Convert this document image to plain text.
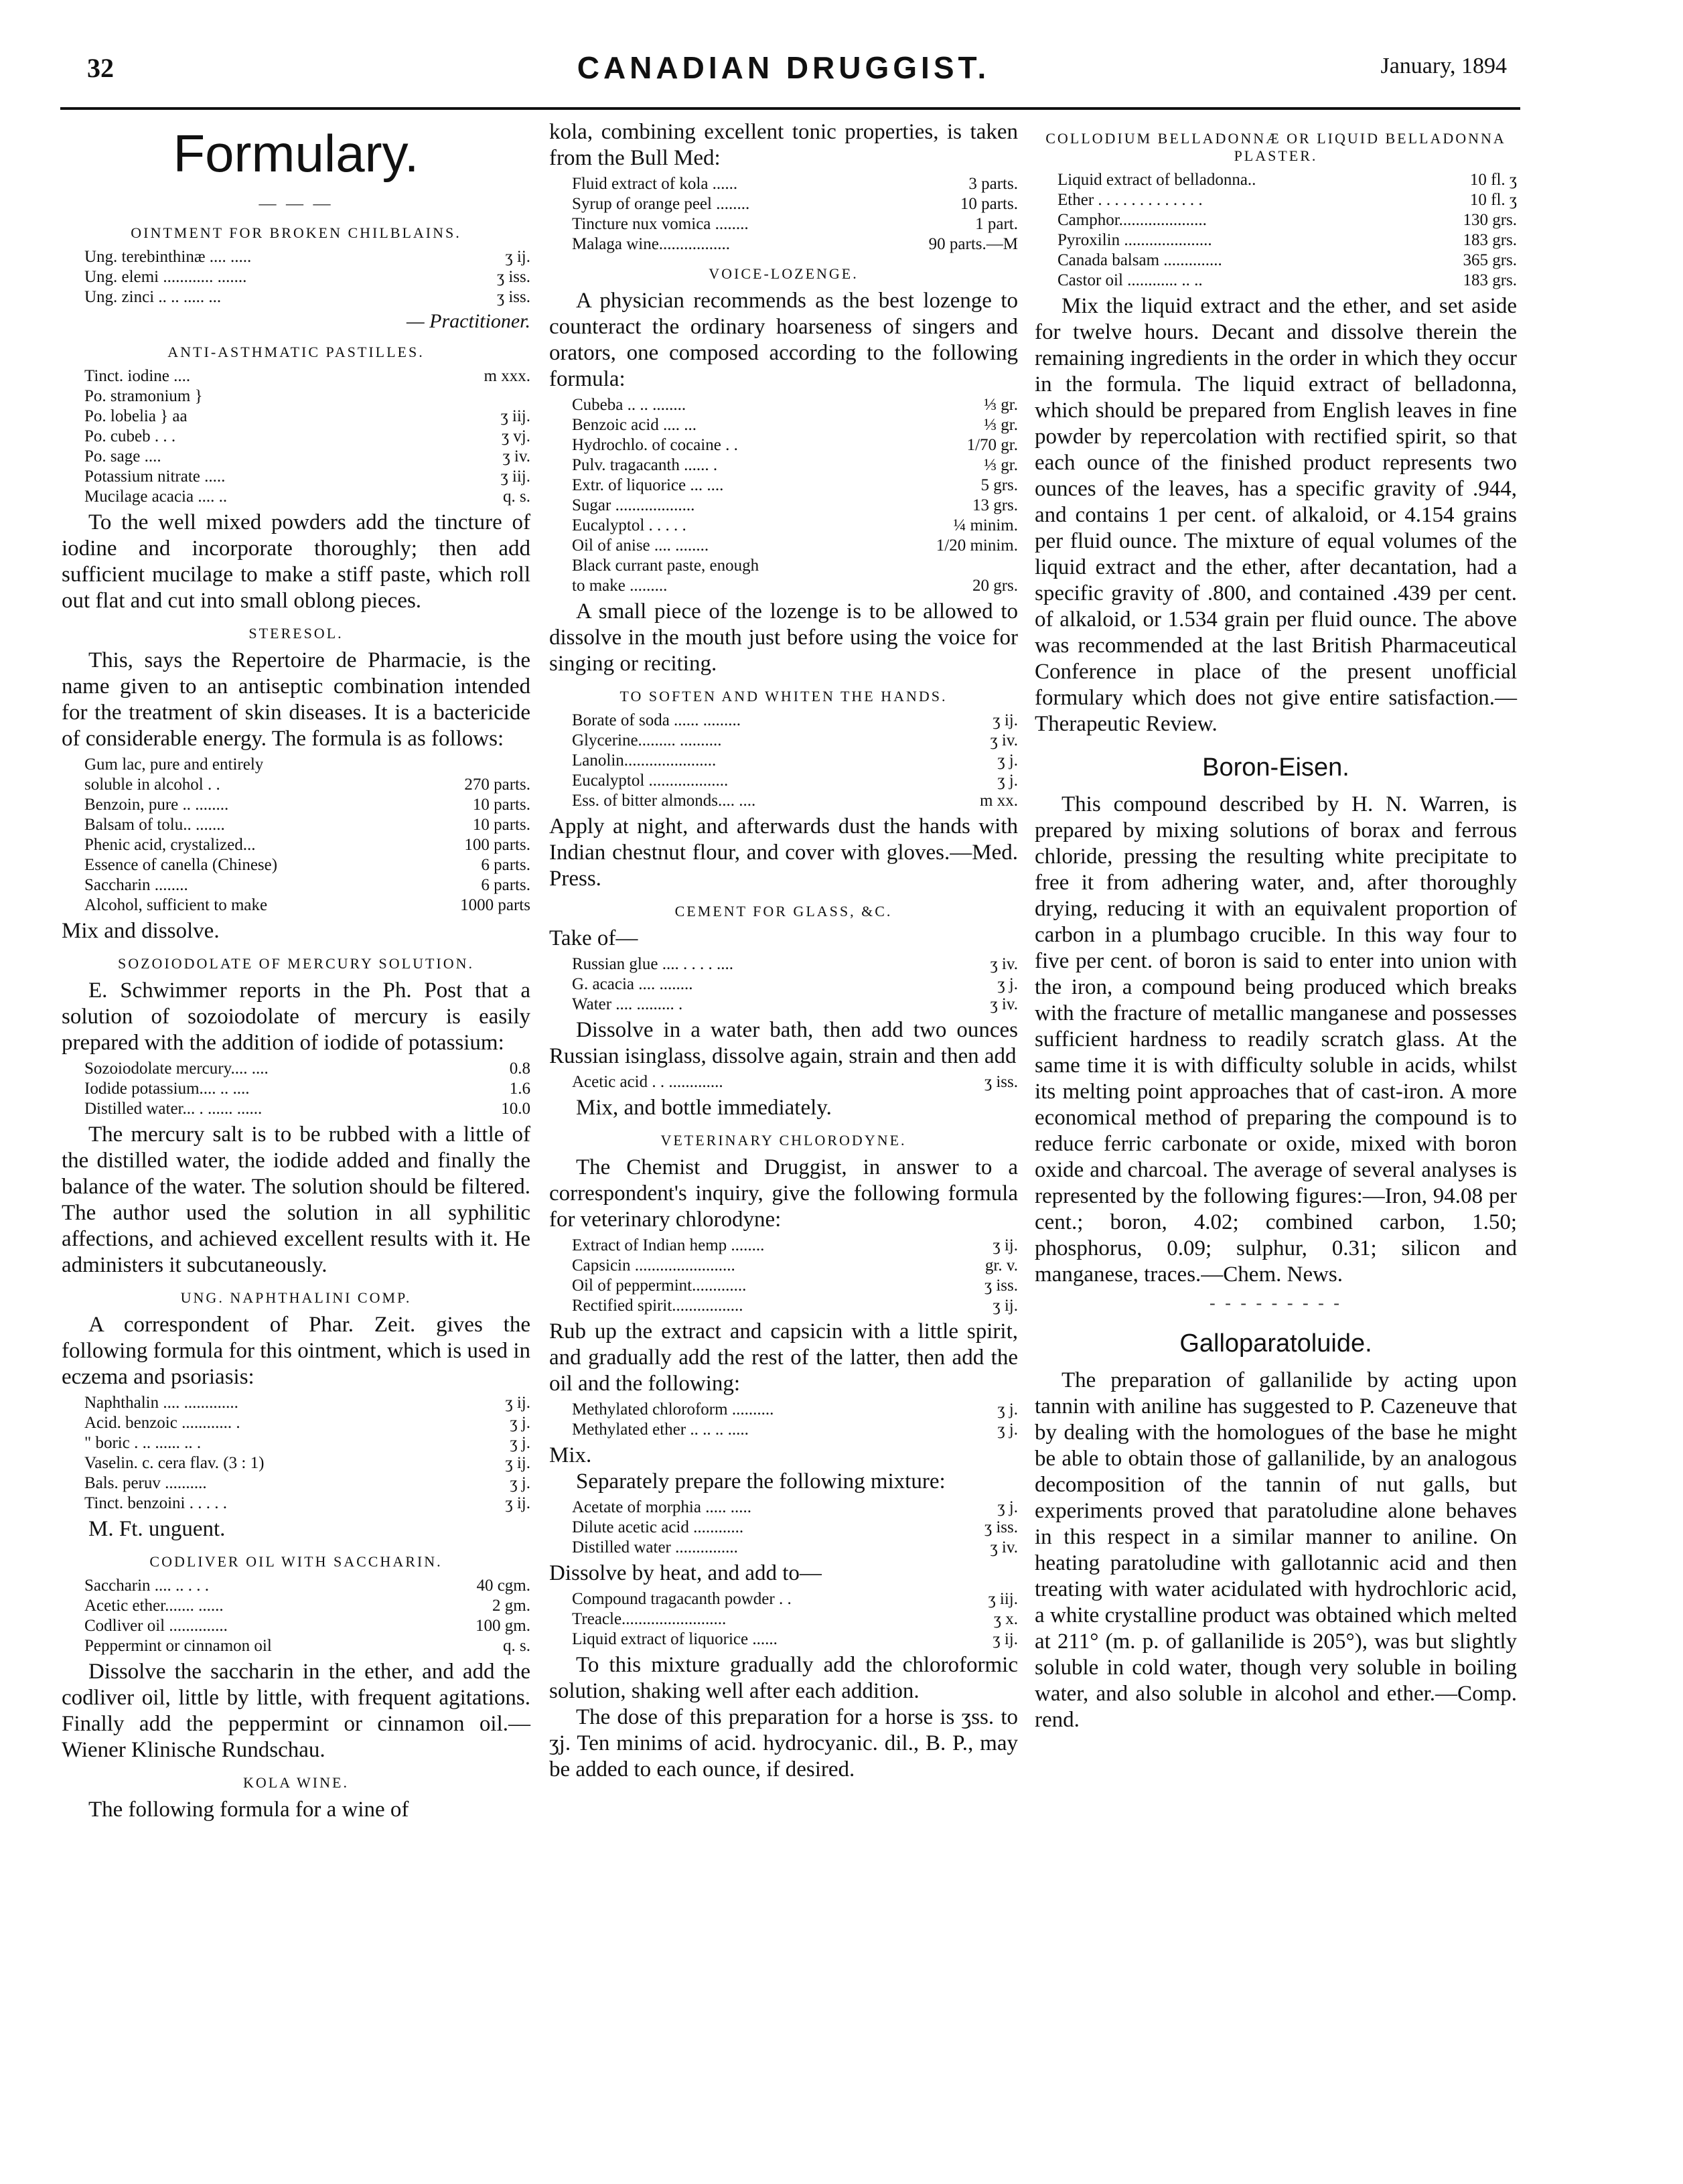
32	CANADIAN DRUGGIST.	January, 1894
Formulary.
— — —
OINTMENT FOR BROKEN CHILBLAINS.
Ung. terebinthinæ .... .....	ʒ ij.
Ung. elemi ............ .......	ʒ iss.
Ung. zinci .. .. ..... ...	ʒ iss.
— Practitioner.
ANTI-ASTHMATIC PASTILLES.
Tinct. iodine ....	m xxx.
Po. stramonium }
Po. lobelia } aa	ʒ iij.
Po. cubeb . . .	ʒ vj.
Po. sage ....	ʒ iv.
Potassium nitrate .....	ʒ iij.
Mucilage acacia .... ..	q. s.

To the well mixed powders add the tincture of iodine and incorporate thoroughly; then add sufficient mucilage to make a stiff paste, which roll out flat and cut into small oblong pieces.

STERESOL.

This, says the Repertoire de Pharmacie, is the name given to an antiseptic combination intended for the treatment of skin diseases. It is a bactericide of considerable energy. The formula is as follows:

Gum lac, pure and entirely
soluble in alcohol . .	270 parts.
Benzoin, pure .. ........	10 parts.
Balsam of tolu.. .......	10 parts.
Phenic acid, crystalized...	100 parts.
Essence of canella (Chinese)	6 parts.
Saccharin ........	6 parts.
Alcohol, sufficient to make	1000 parts

Mix and dissolve.

SOZOIODOLATE OF MERCURY SOLUTION.

E. Schwimmer reports in the Ph. Post that a solution of sozoiodolate of mercury is easily prepared with the addition of iodide of potassium:

Sozoiodolate mercury.... ....	0.8
Iodide potassium.... .. ....	1.6
Distilled water... . ...... ......	10.0

The mercury salt is to be rubbed with a little of the distilled water, the iodide added and finally the balance of the water. The solution should be filtered. The author used the solution in all syphilitic affections, and achieved excellent results with it. He administers it subcutaneously.

UNG. NAPHTHALINI COMP.

A correspondent of Phar. Zeit. gives the following formula for this ointment, which is used in eczema and psoriasis:

Naphthalin .... .............	ʒ ij.
Acid. benzoic ............ .	ʒ j.
" boric . .. ...... .. .	ʒ j.
Vaselin. c. cera flav. (3 : 1)	ʒ ij.
Bals. peruv ..........	ʒ j.
Tinct. benzoini . . . . .	ʒ ij.

M. Ft. unguent.

CODLIVER OIL WITH SACCHARIN.
Saccharin .... .. . . .	40 cgm.
Acetic ether....... ......	2 gm.
Codliver oil ..............	100 gm.
Peppermint or cinnamon oil	q. s.

Dissolve the saccharin in the ether, and add the codliver oil, little by little, with frequent agitations. Finally add the peppermint or cinnamon oil.—Wiener Klinische Rundschau.

KOLA WINE.

The following formula for a wine of

kola, combining excellent tonic properties, is taken from the Bull Med:

Fluid extract of kola ......	3 parts.
Syrup of orange peel ........	10 parts.
Tincture nux vomica ........	1 part.
Malaga wine.................	90 parts.—M
VOICE-LOZENGE.

A physician recommends as the best lozenge to counteract the ordinary hoarseness of singers and orators, one composed according to the following formula:

Cubeba .. .. ........	⅓ gr.
Benzoic acid .... ...	⅓ gr.
Hydrochlo. of cocaine . .	1/70 gr.
Pulv. tragacanth ...... .	⅓ gr.
Extr. of liquorice ... ....	5 grs.
Sugar ...................	13 grs.
Eucalyptol . . . . .	¼ minim.
Oil of anise .... ........	1/20 minim.
Black currant paste, enough
to make .........	20 grs.

A small piece of the lozenge is to be allowed to dissolve in the mouth just before using the voice for singing or reciting.

TO SOFTEN AND WHITEN THE HANDS.
Borate of soda ...... .........	ʒ ij.
Glycerine......... ..........	ʒ iv.
Lanolin......................	ʒ j.
Eucalyptol ...................	ʒ j.
Ess. of bitter almonds.... ....	m xx.

Apply at night, and afterwards dust the hands with Indian chestnut flour, and cover with gloves.—Med. Press.

CEMENT FOR GLASS, &C.

Take of—

Russian glue .... . . . . ....	ʒ iv.
G. acacia .... ........	ʒ j.
Water .... ......... .	ʒ iv.

Dissolve in a water bath, then add two ounces Russian isinglass, dissolve again, strain and then add

Acetic acid . . .............	ʒ iss.

Mix, and bottle immediately.

VETERINARY CHLORODYNE.

The Chemist and Druggist, in answer to a correspondent's inquiry, give the following formula for veterinary chlorodyne:

Extract of Indian hemp ........	ʒ ij.
Capsicin ........................	gr. v.
Oil of peppermint.............	ʒ iss.
Rectified spirit.................	ʒ ij.

Rub up the extract and capsicin with a little spirit, and gradually add the rest of the latter, then add the oil and the following:

Methylated chloroform ..........	ʒ j.
Methylated ether .. .. .. .....	ʒ j.

Mix.

Separately prepare the following mixture:

Acetate of morphia ..... .....	ʒ j.
Dilute acetic acid ............	ʒ iss.
Distilled water ...............	ʒ iv.

Dissolve by heat, and add to—

Compound tragacanth powder . .	ʒ iij.
Treacle.........................	ʒ x.
Liquid extract of liquorice ......	ʒ ij.

To this mixture gradually add the chloroformic solution, shaking well after each addition.

The dose of this preparation for a horse is ʒss. to ʒj. Ten minims of acid. hydrocyanic. dil., B. P., may be added to each ounce, if desired.

COLLODIUM BELLADONNÆ OR LIQUID BELLADONNA PLASTER.
Liquid extract of belladonna..	10 fl. ʒ
Ether . . . . . . . . . . . . .	10 fl. ʒ
Camphor.....................	130 grs.
Pyroxilin .....................	183 grs.
Canada balsam ..............	365 grs.
Castor oil ............ .. ..	183 grs.

Mix the liquid extract and the ether, and set aside for twelve hours. Decant and dissolve therein the remaining ingredients in the order in which they occur in the formula. The liquid extract of belladonna, which should be prepared from English leaves in fine powder by repercolation with rectified spirit, so that each ounce of the finished product represents two ounces of the leaves, has a specific gravity of .944, and contains 1 per cent. of alkaloid, or 4.154 grains per fluid ounce. The mixture of equal volumes of the liquid extract and the ether, after decantation, had a specific gravity of .800, and contained .439 per cent. of alkaloid, or 1.534 grain per fluid ounce. The above was recommended at the last British Pharmaceutical Conference in place of the present unofficial formulary which does not give entire satisfaction.—Therapeutic Review.

Boron-Eisen.

This compound described by H. N. Warren, is prepared by mixing solutions of borax and ferrous chloride, pressing the resulting white precipitate to free it from adhering water, and, after thoroughly drying, reducing it with an equivalent proportion of carbon in a plumbago crucible. In this way four to five per cent. of boron is said to enter into union with the iron, a compound being produced which breaks with the fracture of metallic manganese and possesses sufficient hardness to readily scratch glass. At the same time it is with difficulty soluble in acids, whilst its melting point approaches that of cast-iron. A more economical method of preparing the compound is to reduce ferric carbonate or oxide, mixed with boron oxide and charcoal. The average of several analyses is represented by the following figures:—Iron, 94.08 per cent.; boron, 4.02; combined carbon, 1.50; phosphorus, 0.09; sulphur, 0.31; silicon and manganese, traces.—Chem. News.

- - - - - - - - -
Galloparatoluide.

The preparation of gallanilide by acting upon tannin with aniline has suggested to P. Cazeneuve that by dealing with the homologues of the base he might be able to obtain those of gallanilide, by an analogous decomposition of the tannin of nut galls, but experiments proved that paratoludine alone behaves in this respect in a similar manner to aniline. On heating paratoludine with gallotannic acid and then treating with water acidulated with hydrochloric acid, a white crystalline product was obtained which melted at 211° (m. p. of gallanilide is 205°), was but slightly soluble in cold water, though very soluble in boiling water, and also soluble in alcohol and ether.—Comp. rend.
